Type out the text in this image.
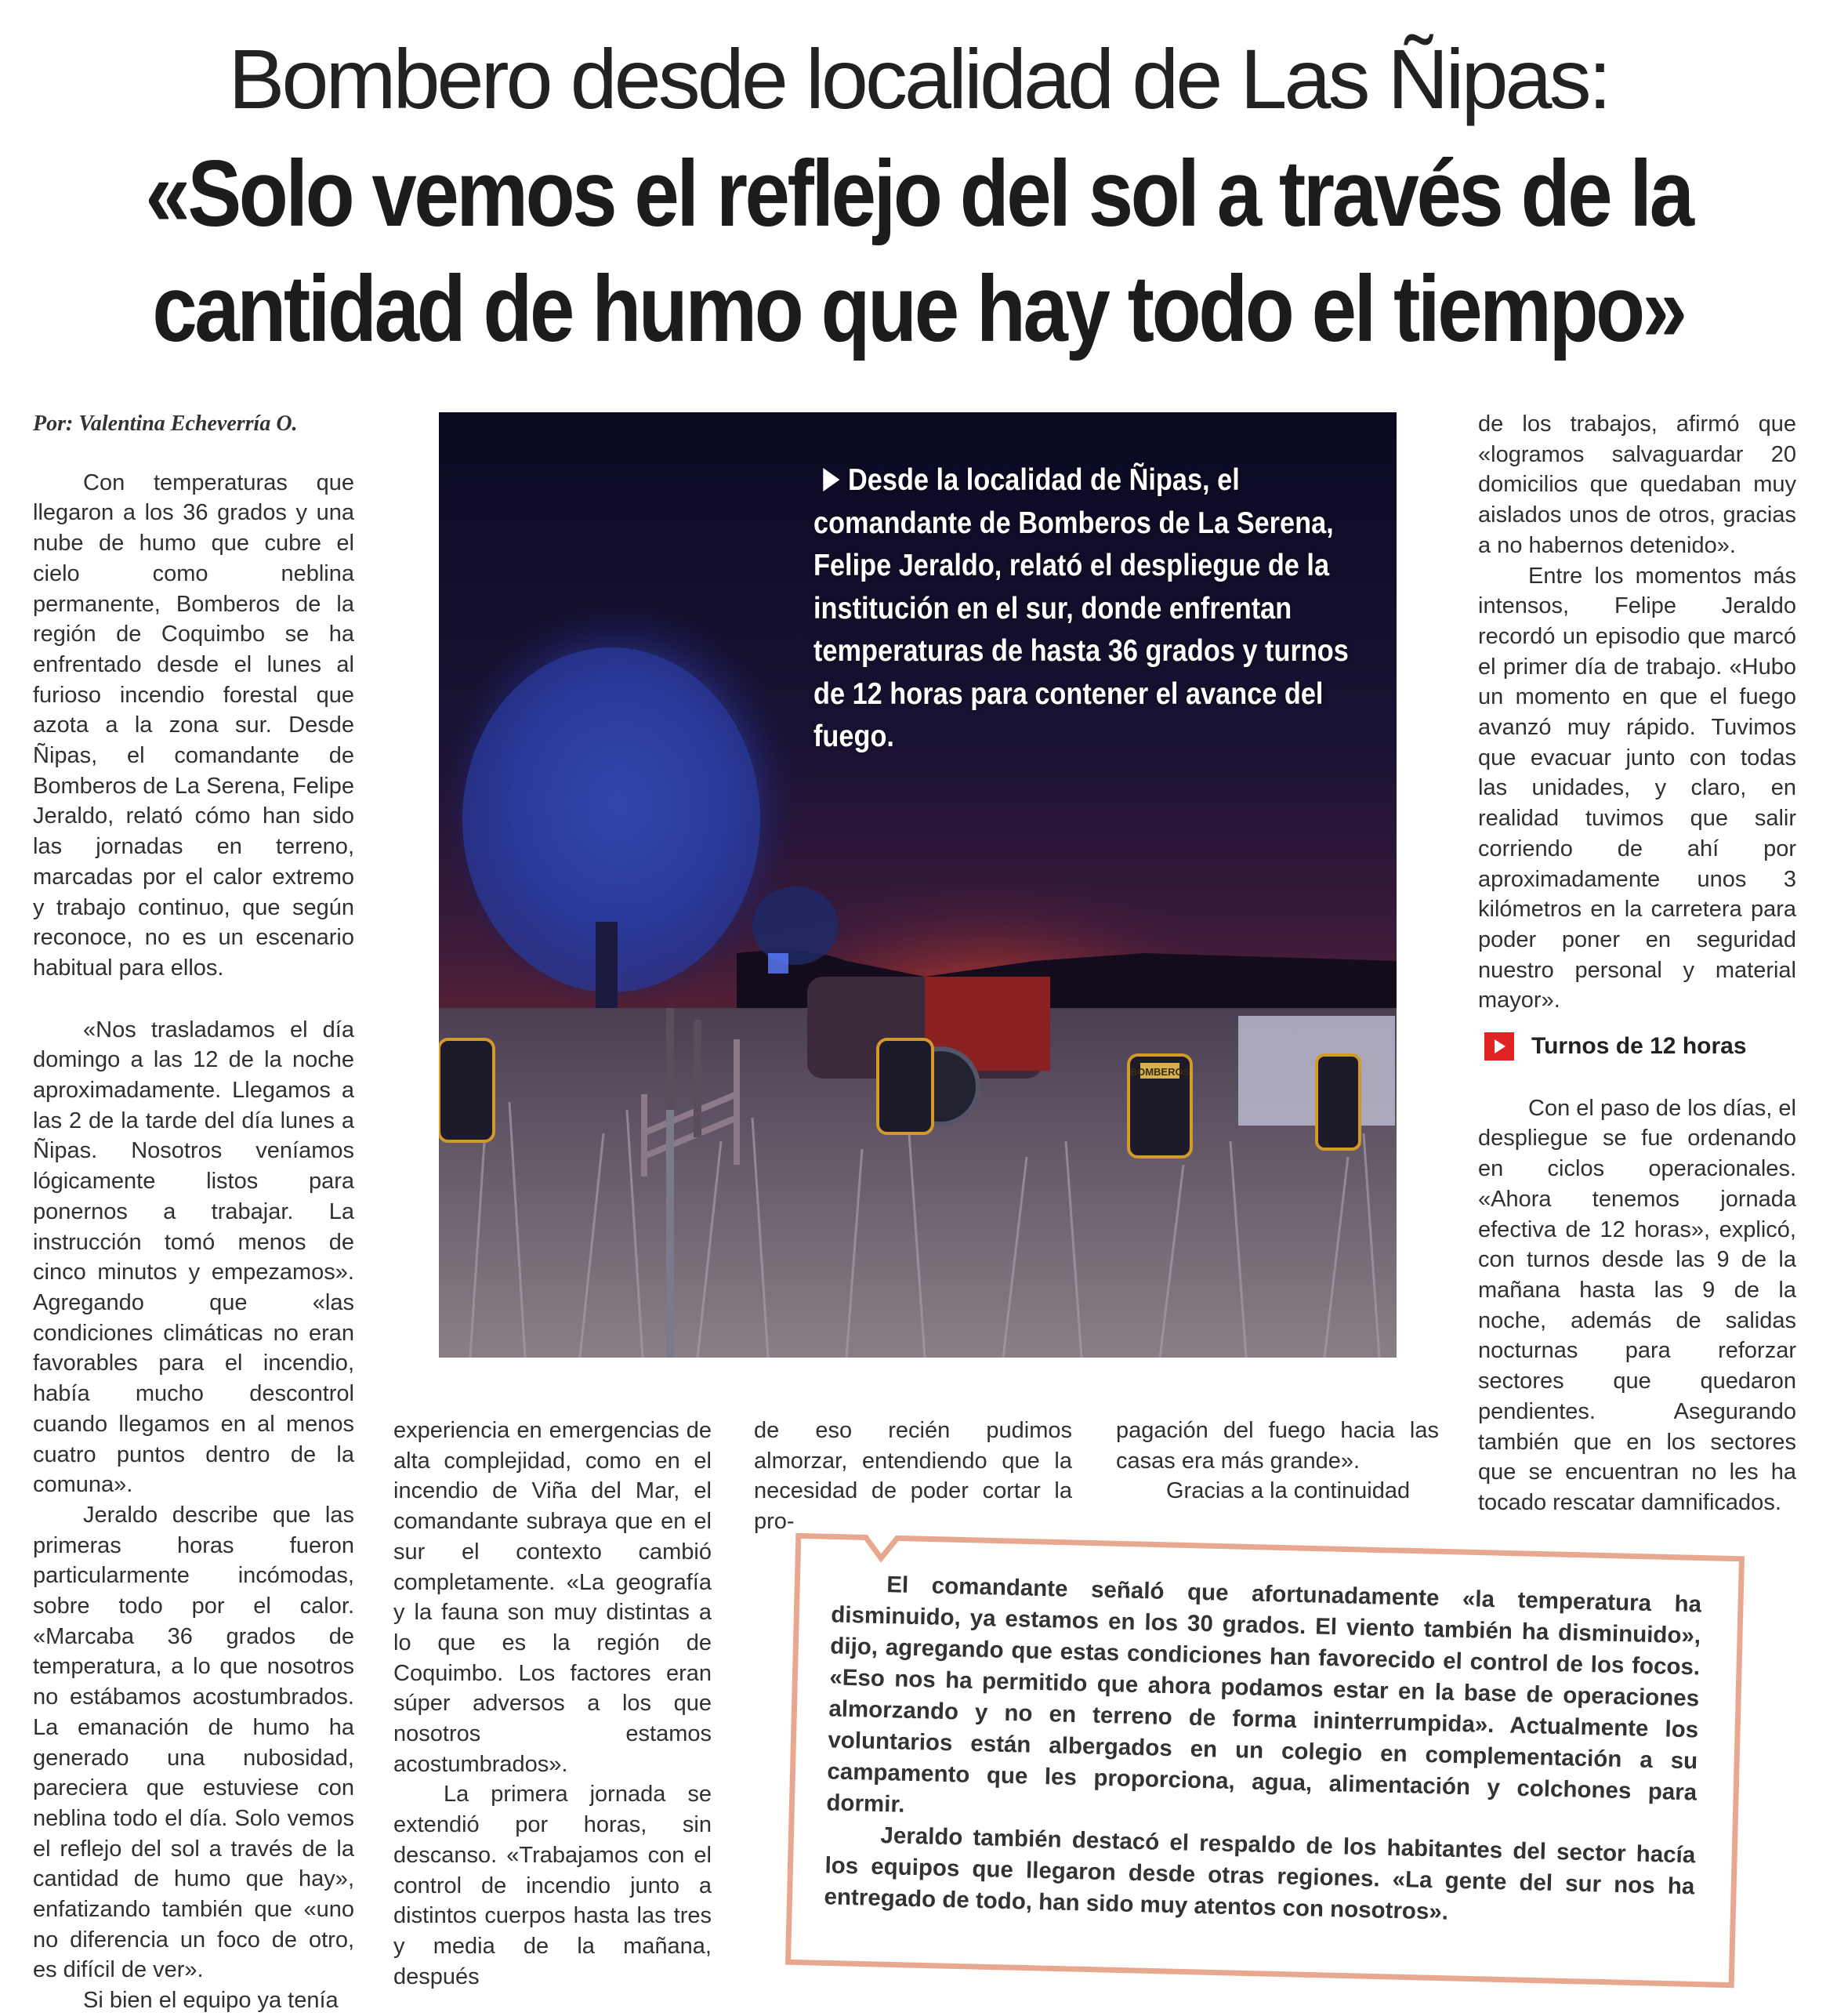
Bombero desde localidad de Las Ñipas:
«Solo vemos el reflejo del sol a través de la
cantidad de humo que hay todo el tiempo»

Por: Valentina Echeverría O.

Con temperaturas que llegaron a los 36 grados y una nube de humo que cubre el cielo como neblina permanente, Bomberos de la región de Coquimbo se ha enfrentado desde el lunes al furioso incendio forestal que azota a la zona sur. Desde Ñipas, el comandante de Bomberos de La Serena, Felipe Jeraldo, relató cómo han sido las jornadas en terreno, marcadas por el calor extremo y trabajo continuo, que según reconoce, no es un escenario habitual para ellos.

«Nos trasladamos el día domingo a las 12 de la noche aproximadamente. Llegamos a las 2 de la tarde del día lunes a Ñipas. Nosotros veníamos lógicamente listos para ponernos a trabajar. La instrucción tomó menos de cinco minutos y empezamos». Agregando que «las condiciones climáticas no eran favorables para el incendio, había mucho descontrol cuando llegamos en al menos cuatro puntos dentro de la comuna».

Jeraldo describe que las primeras horas fueron particularmente incómodas, sobre todo por el calor. «Marcaba 36 grados de temperatura, a lo que nosotros no estábamos acostumbrados. La emanación de humo ha generado una nubosidad, pareciera que estuviese con neblina todo el día. Solo vemos el reflejo del sol a través de la cantidad de humo que hay», enfatizando también que «uno no diferencia un foco de otro, es difícil de ver».

Si bien el equipo ya tenía

BOMBEROS
Desde la localidad de Ñipas, el comandante de Bomberos de La Serena, Felipe Jeraldo, relató el despliegue de la institución en el sur, donde enfrentan temperaturas de hasta 36 grados y turnos de 12 horas para contener el avance del fuego.

experiencia en emergencias de alta complejidad, como en el incendio de Viña del Mar, el comandante subraya que en el sur el contexto cambió completamente. «La geografía y la fauna son muy distintas a lo que es la región de Coquimbo. Los factores eran súper adversos a los que nosotros estamos acostumbrados».

La primera jornada se extendió por horas, sin descanso. «Trabajamos con el control de incendio junto a distintos cuerpos hasta las tres y media de la mañana, después

de eso recién pudimos almorzar, entendiendo que la necesidad de poder cortar la pro-

pagación del fuego hacia las casas era más grande».

Gracias a la continuidad

de los trabajos, afirmó que «logramos salvaguardar 20 domicilios que quedaban muy aislados unos de otros, gracias a no habernos detenido».

Entre los momentos más intensos, Felipe Jeraldo recordó un episodio que marcó el primer día de trabajo. «Hubo un momento en que el fuego avanzó muy rápido. Tuvimos que evacuar junto con todas las unidades, y claro, en realidad tuvimos que salir corriendo de ahí por aproximadamente unos 3 kilómetros en la carretera para poder poner en seguridad nuestro personal y material mayor».

Turnos de 12 horas

Con el paso de los días, el despliegue se fue ordenando en ciclos operacionales. «Ahora tenemos jornada efectiva de 12 horas», explicó, con turnos desde las 9 de la mañana hasta las 9 de la noche, además de salidas nocturnas para reforzar sectores que quedaron pendientes. Asegurando también que en los sectores que se encuentran no les ha tocado rescatar damnificados.

El comandante señaló que afortunadamente «la temperatura ha disminuido, ya estamos en los 30 grados. El viento también ha disminuido», dijo, agregando que estas condiciones han favorecido el control de los focos. «Eso nos ha permitido que ahora podamos estar en la base de operaciones almorzando y no en terreno de forma ininterrumpida». Actualmente los voluntarios están albergados en un colegio en complementación a su campamento que les proporciona, agua, alimentación y colchones para dormir.

Jeraldo también destacó el respaldo de los habitantes del sector hacía los equipos que llegaron desde otras regiones. «La gente del sur nos ha entregado de todo, han sido muy atentos con nosotros».
